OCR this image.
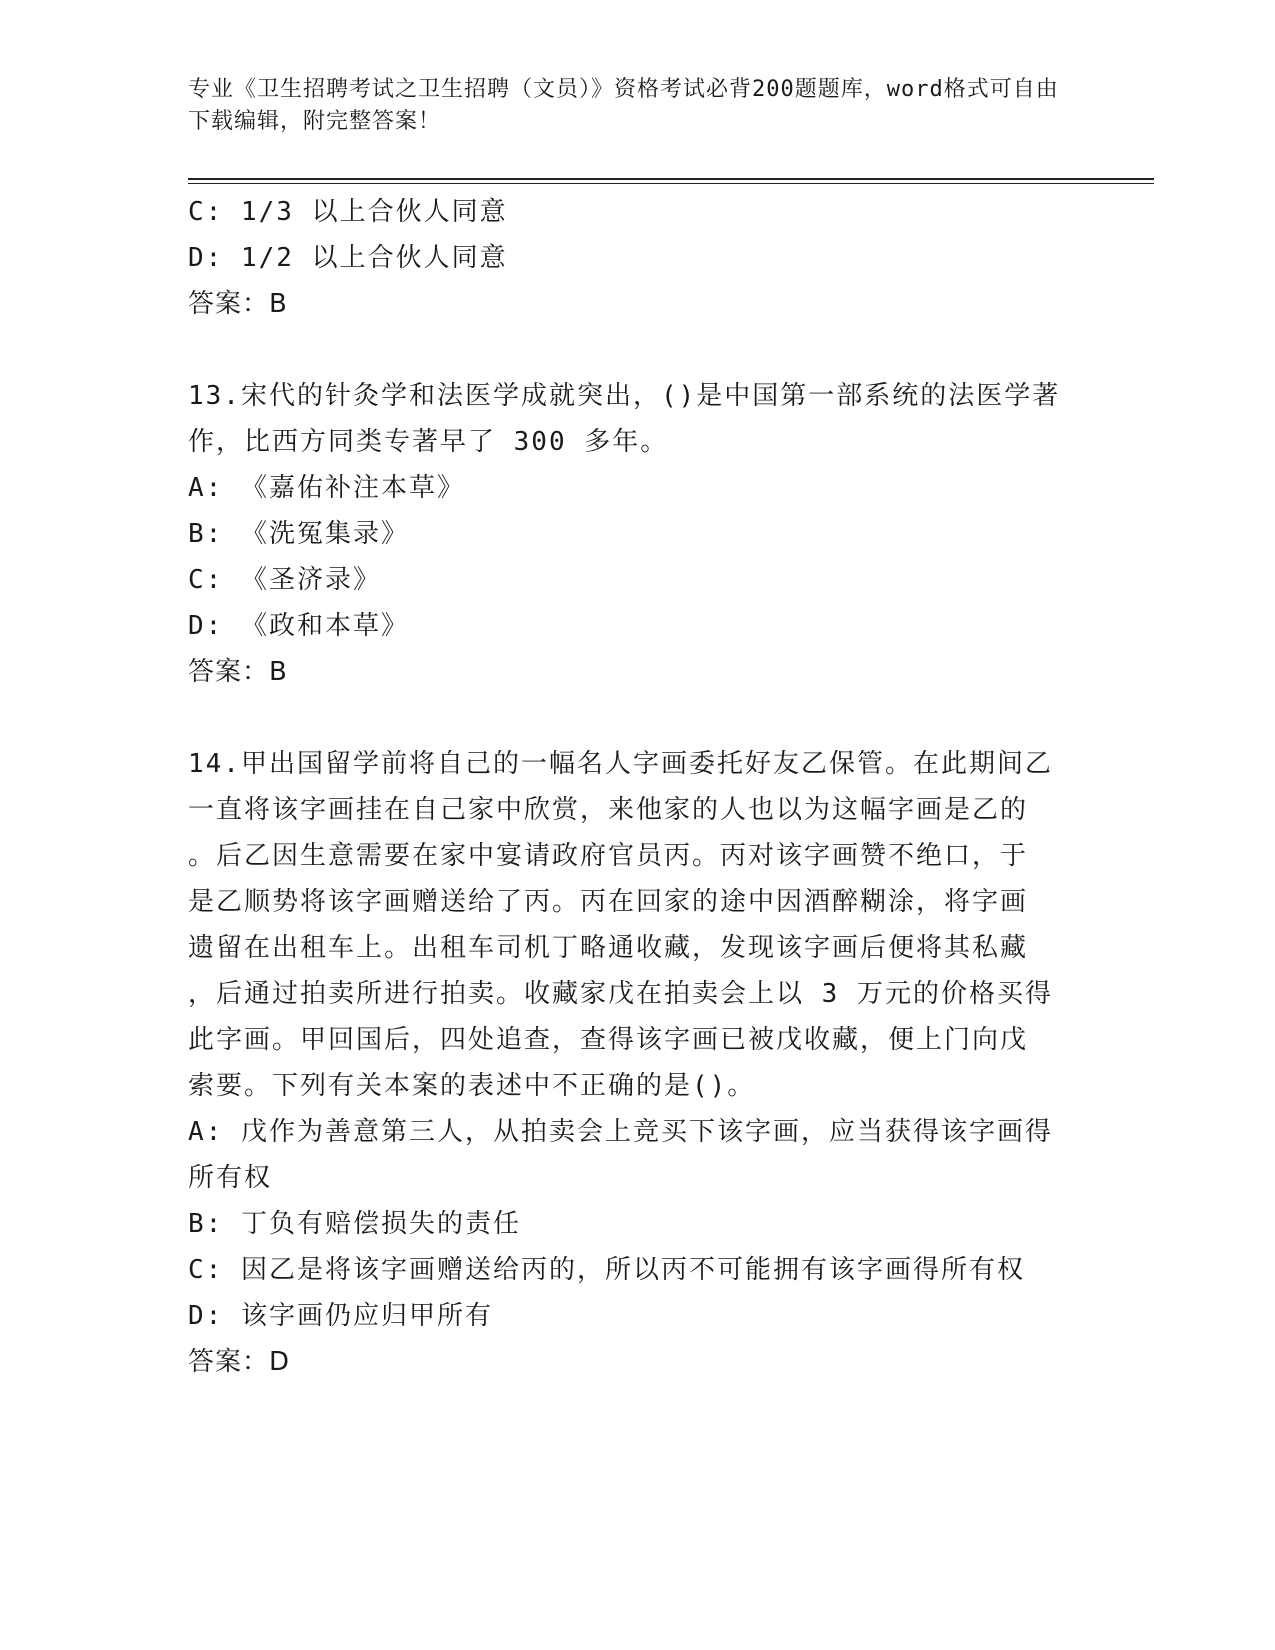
专业《卫生招聘考试之卫生招聘（文员）》资格考试必背200题题库，word格式可自由下载编辑，附完整答案！

C: 1/3 以上合伙人同意

D: 1/2 以上合伙人同意

答案：B

13.宋代的针灸学和法医学成就突出，()是中国第一部系统的法医学著

作，比西方同类专著早了 300 多年。

A: 《嘉佑补注本草》

B: 《洗冤集录》

C: 《圣济录》

D: 《政和本草》

答案：B

14.甲出国留学前将自己的一幅名人字画委托好友乙保管。在此期间乙

一直将该字画挂在自己家中欣赏，来他家的人也以为这幅字画是乙的

。后乙因生意需要在家中宴请政府官员丙。丙对该字画赞不绝口，于

是乙顺势将该字画赠送给了丙。丙在回家的途中因酒醉糊涂，将字画

遗留在出租车上。出租车司机丁略通收藏，发现该字画后便将其私藏

，后通过拍卖所进行拍卖。收藏家戊在拍卖会上以 3 万元的价格买得

此字画。甲回国后，四处追查，查得该字画已被戊收藏，便上门向戊

索要。下列有关本案的表述中不正确的是()。

A: 戊作为善意第三人，从拍卖会上竞买下该字画，应当获得该字画得

所有权

B: 丁负有赔偿损失的责任

C: 因乙是将该字画赠送给丙的，所以丙不可能拥有该字画得所有权

D: 该字画仍应归甲所有

答案：D
